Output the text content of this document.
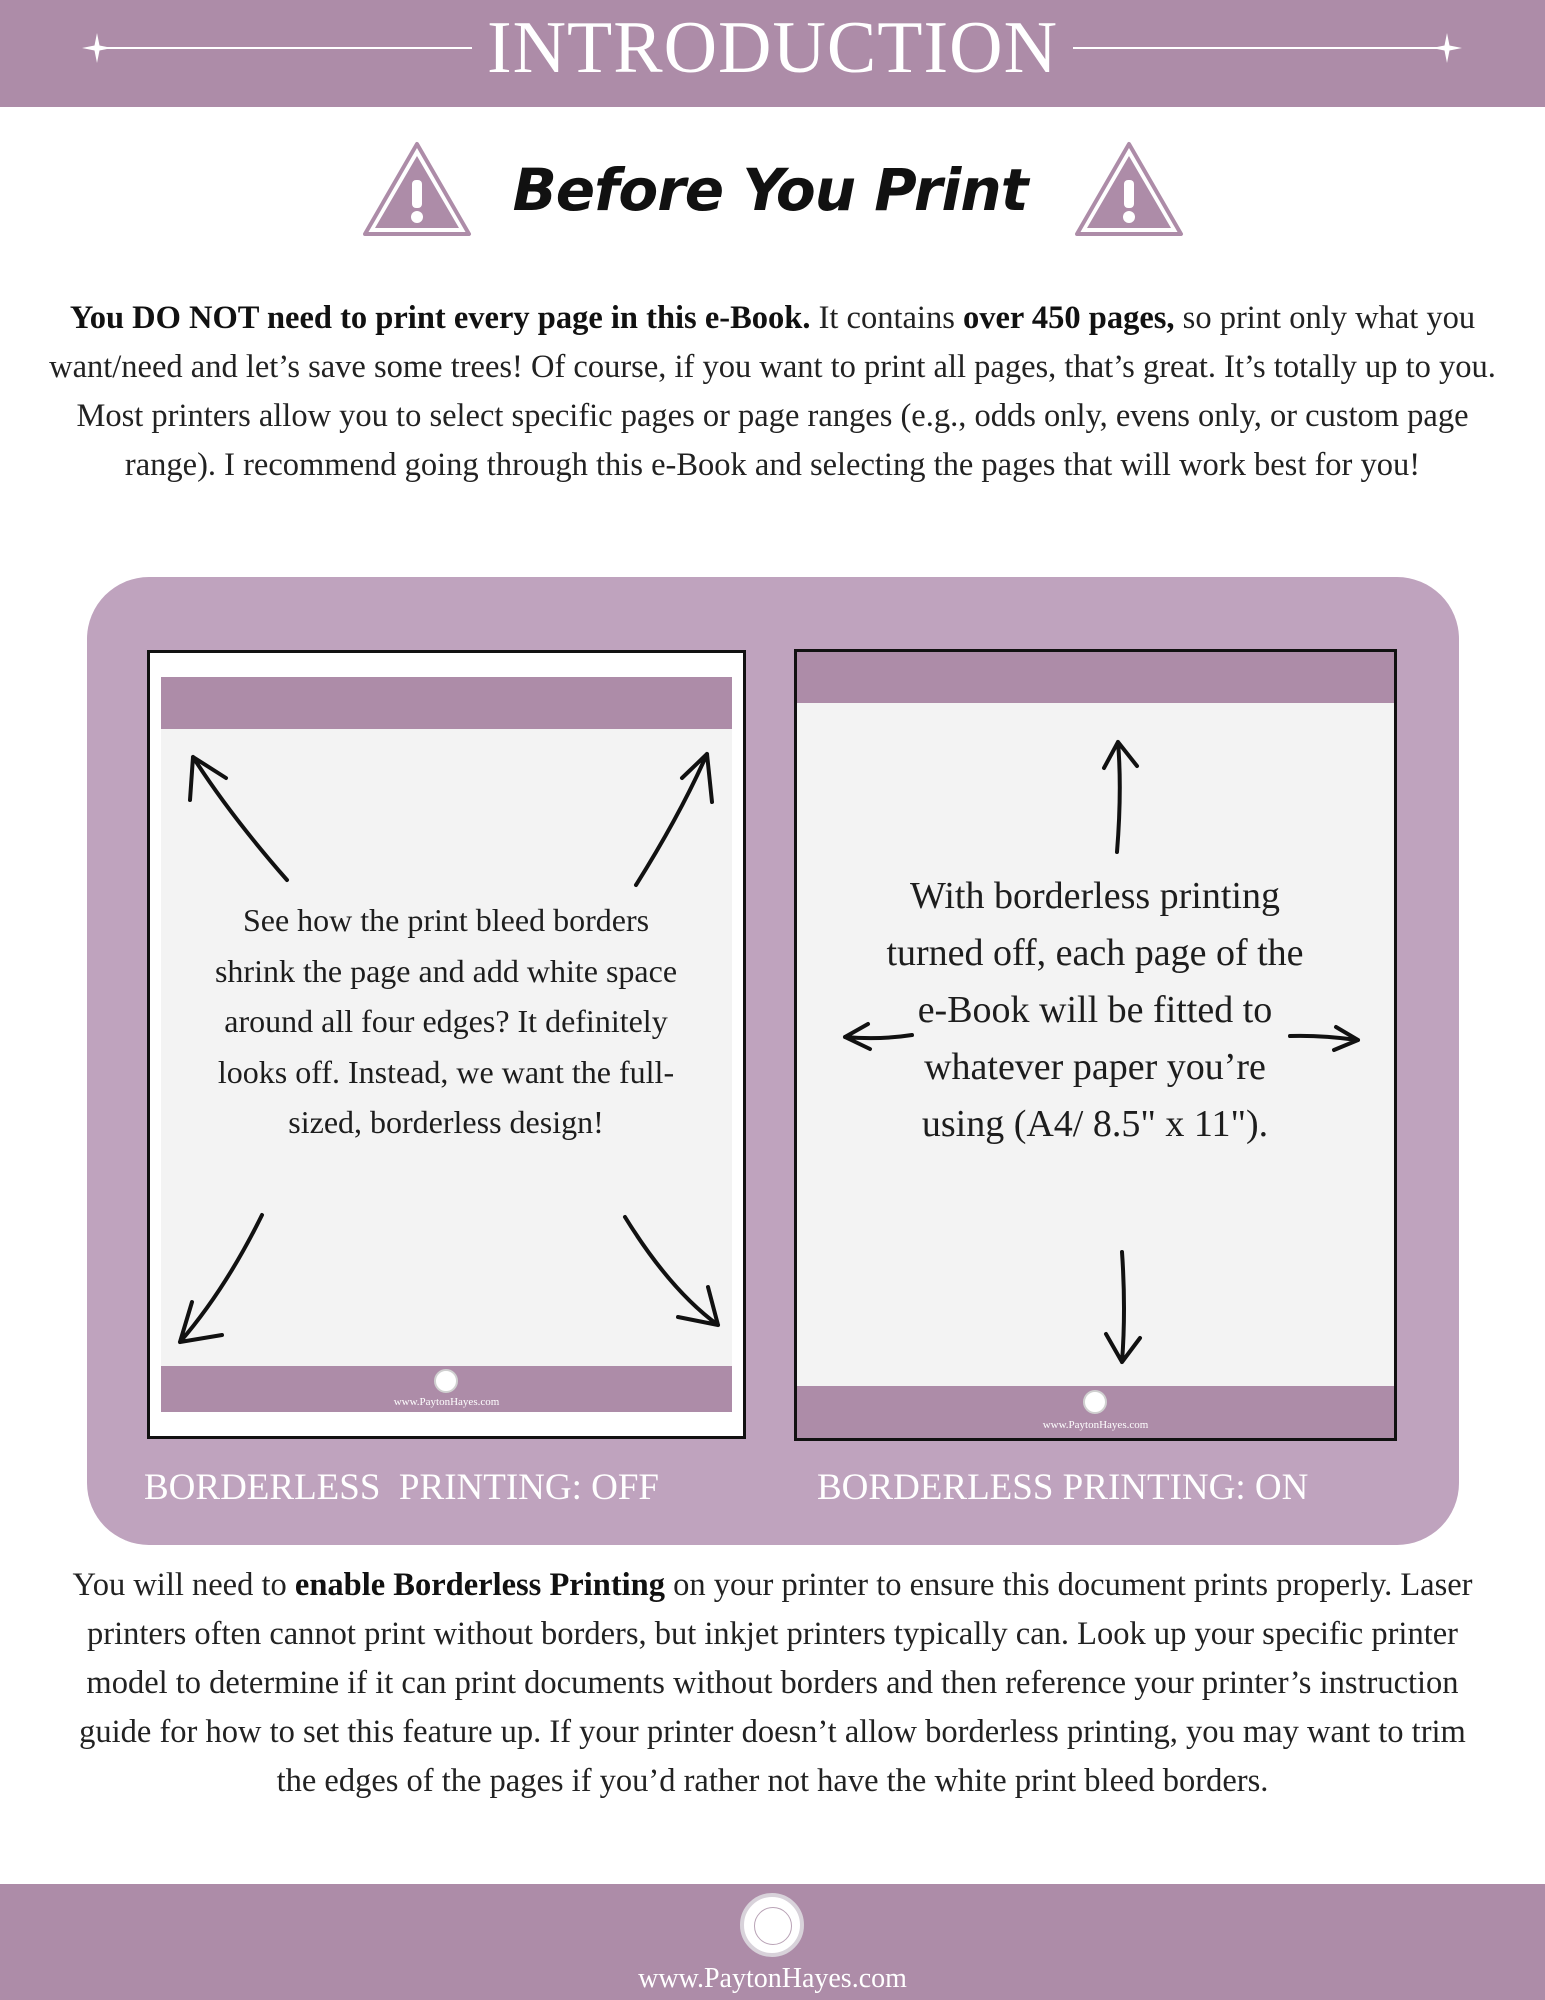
INTRODUCTION
Before You Print

You DO NOT need to print every page in this e-Book. It contains over 450 pages, so print only what you want/need and let’s save some trees! Of course, if you want to print all pages, that’s great. It’s totally up to you. Most printers allow you to select specific pages or page ranges (e.g., odds only, evens only, or custom page range). I recommend going through this e-Book and selecting the pages that will work best for you!

www.PaytonHayes.com
www.PaytonHayes.com
See how the print bleed borders shrink the page and add white space around all four edges? It definitely looks off. Instead, we want the full-sized, borderless design!
With borderless printing turned off, each page of the e-Book will be fitted to whatever paper you’re using (A4/ 8.5" x 11").
BORDERLESS  PRINTING: OFF	BORDERLESS PRINTING: ON

You will need to enable Borderless Printing on your printer to ensure this document prints properly. Laser printers often cannot print without borders, but inkjet printers typically can. Look up your specific printer model to determine if it can print documents without borders and then reference your printer’s instruction guide for how to set this feature up. If your printer doesn’t allow borderless printing, you may want to trim the edges of the pages if you’d rather not have the white print bleed borders.

www.PaytonHayes.com
